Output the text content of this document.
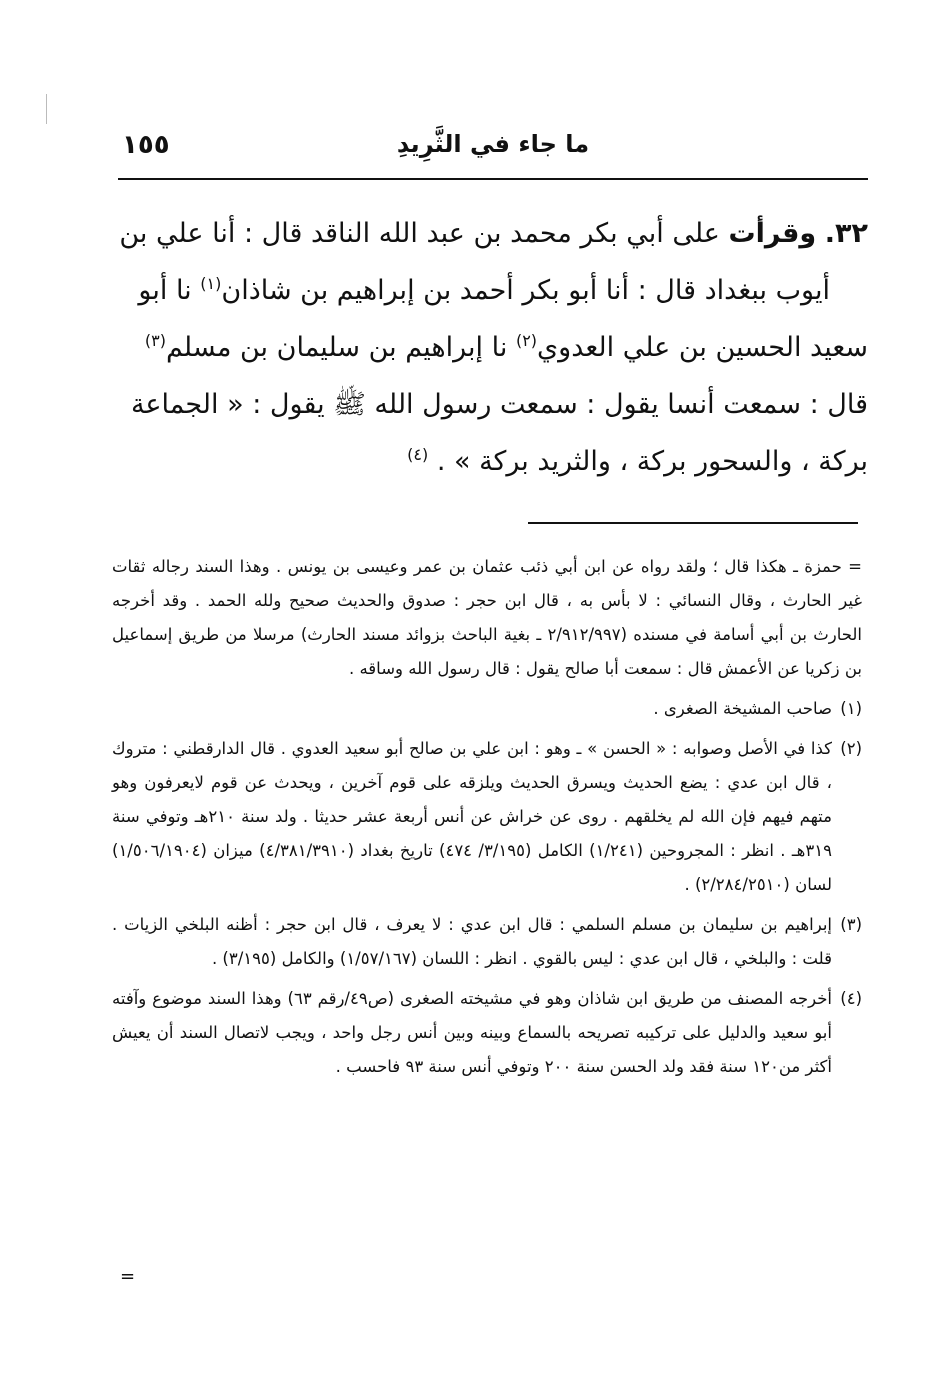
ما جاء في الثَّرِيدِ
١٥٥

٣٢. وقرأت على أبي بكر محمد بن عبد الله الناقد قال : أنا علي بن
أيوب ببغداد قال : أنا أبو بكر أحمد بن إبراهيم بن شاذان$^{(١)}$ نا أبو
سعيد الحسين بن علي العدوي$^{(٢)}$ نا إبراهيم بن سليمان بن مسلم$^{(٣)}$
قال : سمعت أنسا يقول : سمعت رسول الله ﷺ يقول : « الجماعة
بركة ، والسحور بركة ، والثريد بركة » . $^{(٤)}$

= حمزة ـ هكذا قال ؛ ولقد رواه عن ابن أبي ذئب عثمان بن عمر وعيسى بن يونس . وهذا السند رجاله ثقات غير الحارث ، وقال النسائي : لا بأس به ، قال ابن حجر : صدوق والحديث صحيح ولله الحمد . وقد أخرجه الحارث بن أبي أسامة في مسنده (٢/٩١٢/٩٩٧ ـ بغية الباحث بزوائد مسند الحارث) مرسلا من طريق إسماعيل بن زكريا عن الأعمش قال : سمعت أبا صالح يقول : قال رسول الله وساقه .

(١)
صاحب المشيخة الصغرى .
(٢)
كذا في الأصل وصوابه : « الحسن » ـ وهو : ابن علي بن صالح أبو سعيد العدوي . قال الدارقطني : متروك ، قال ابن عدي : يضع الحديث ويسرق الحديث ويلزقه على قوم آخرين ، ويحدث عن قوم لايعرفون وهو متهم فيهم فإن الله لم يخلقهم . روى عن خراش عن أنس أربعة عشر حديثا . ولد سنة ٢١٠هـ وتوفي سنة ٣١٩هـ . انظر : المجروحين (١/٢٤١) الكامل (٣/١٩٥/ ٤٧٤) تاريخ بغداد (٤/٣٨١/٣٩١٠) ميزان (١/٥٠٦/١٩٠٤) لسان (٢/٢٨٤/٢٥١٠) .
(٣)
إبراهيم بن سليمان بن مسلم السلمي : قال ابن عدي : لا يعرف ، قال ابن حجر : أظنه البلخي الزيات . قلت : والبلخي ، قال ابن عدي : ليس بالقوي . انظر : اللسان (١/٥٧/١٦٧) والكامل (٣/١٩٥) .
(٤)
أخرجه المصنف من طريق ابن شاذان وهو في مشيخته الصغرى (ص٤٩/رقم ٦٣) وهذا السند موضوع وآفته أبو سعيد والدليل على تركيبه تصريحه بالسماع وبينه وبين أنس رجل واحد ، ويجب لاتصال السند أن يعيش أكثر من١٢٠ سنة فقد ولد الحسن سنة ٢٠٠ وتوفي أنس سنة ٩٣ فاحسب .
=
